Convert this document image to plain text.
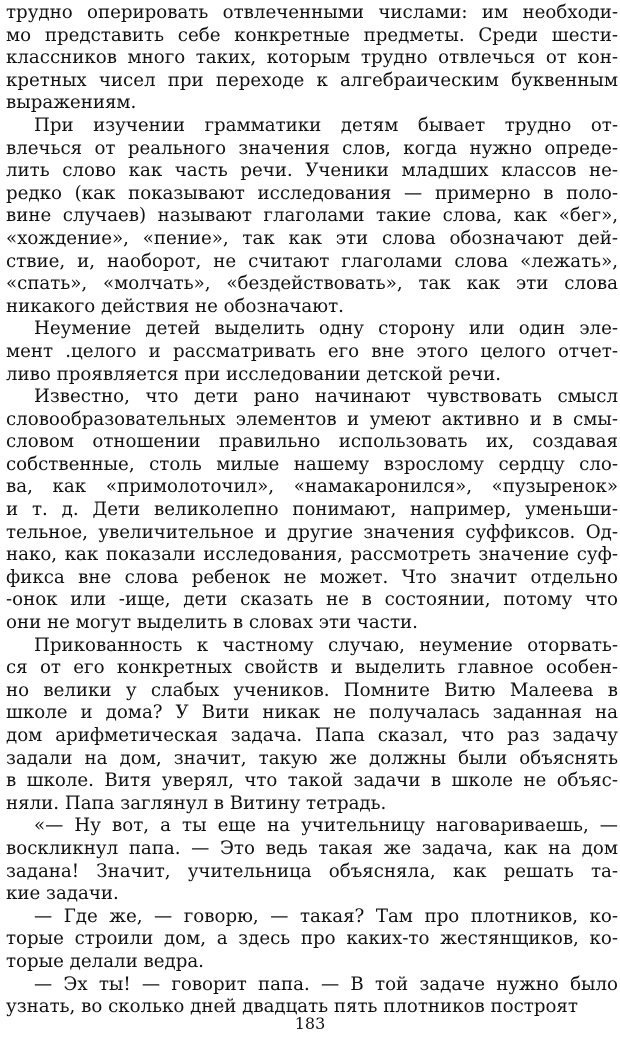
трудно оперировать отвлеченными числами: им необходи-
мо представить себе конкретные предметы. Среди шести-
классников много таких, которым трудно отвлечься от кон-
кретных чисел при переходе к алгебраическим буквенным
выражениям.
При изучении грамматики детям бывает трудно от-
влечься от реального значения слов, когда нужно опреде-
лить слово как часть речи. Ученики младших классов не-
редко (как показывают исследования — примерно в поло-
вине случаев) называют глаголами такие слова, как «бег»,
«хождение», «пение», так как эти слова обозначают дей-
ствие, и, наоборот, не считают глаголами слова «лежать»,
«спать», «молчать», «бездействовать», так как эти слова
никакого действия не обозначают.
Неумение детей выделить одну сторону или один эле-
мент .целого и рассматривать его вне этого целого отчет-
ливо проявляется при исследовании детской речи.
Известно, что дети рано начинают чувствовать смысл
словообразовательных элементов и умеют активно и в смы-
словом отношении правильно использовать их, создавая
собственные, столь милые нашему взрослому сердцу сло-
ва, как «примолоточил», «намакаронился», «пузыренок»
и т. д. Дети великолепно понимают, например, уменьши-
тельное, увеличительное и другие значения суффиксов. Од-
нако, как показали исследования, рассмотреть значение суф-
фикса вне слова ребенок не может. Что значит отдельно
-онок или -ище, дети сказать не в состоянии, потому что
они не могут выделить в словах эти части.
Прикованность к частному случаю, неумение оторвать-
ся от его конкретных свойств и выделить главное особен-
но велики у слабых учеников. Помните Витю Малеева в
школе и дома? У Вити никак не получалась заданная на
дом арифметическая задача. Папа сказал, что раз задачу
задали на дом, значит, такую же должны были объяснять
в школе. Витя уверял, что такой задачи в школе не объяс-
няли. Папа заглянул в Витину тетрадь.
«— Ну вот, а ты еще на учительницу наговариваешь, —
воскликнул папа. — Это ведь такая же задача, как на дом
задана! Значит, учительница объясняла, как решать та-
кие задачи.
— Где же, — говорю, — такая? Там про плотников, ко-
торые строили дом, а здесь про каких-то жестянщиков, ко-
торые делали ведра.
— Эх ты! — говорит папа. — В той задаче нужно было
узнать, во сколько дней двадцать пять плотников построят
183
